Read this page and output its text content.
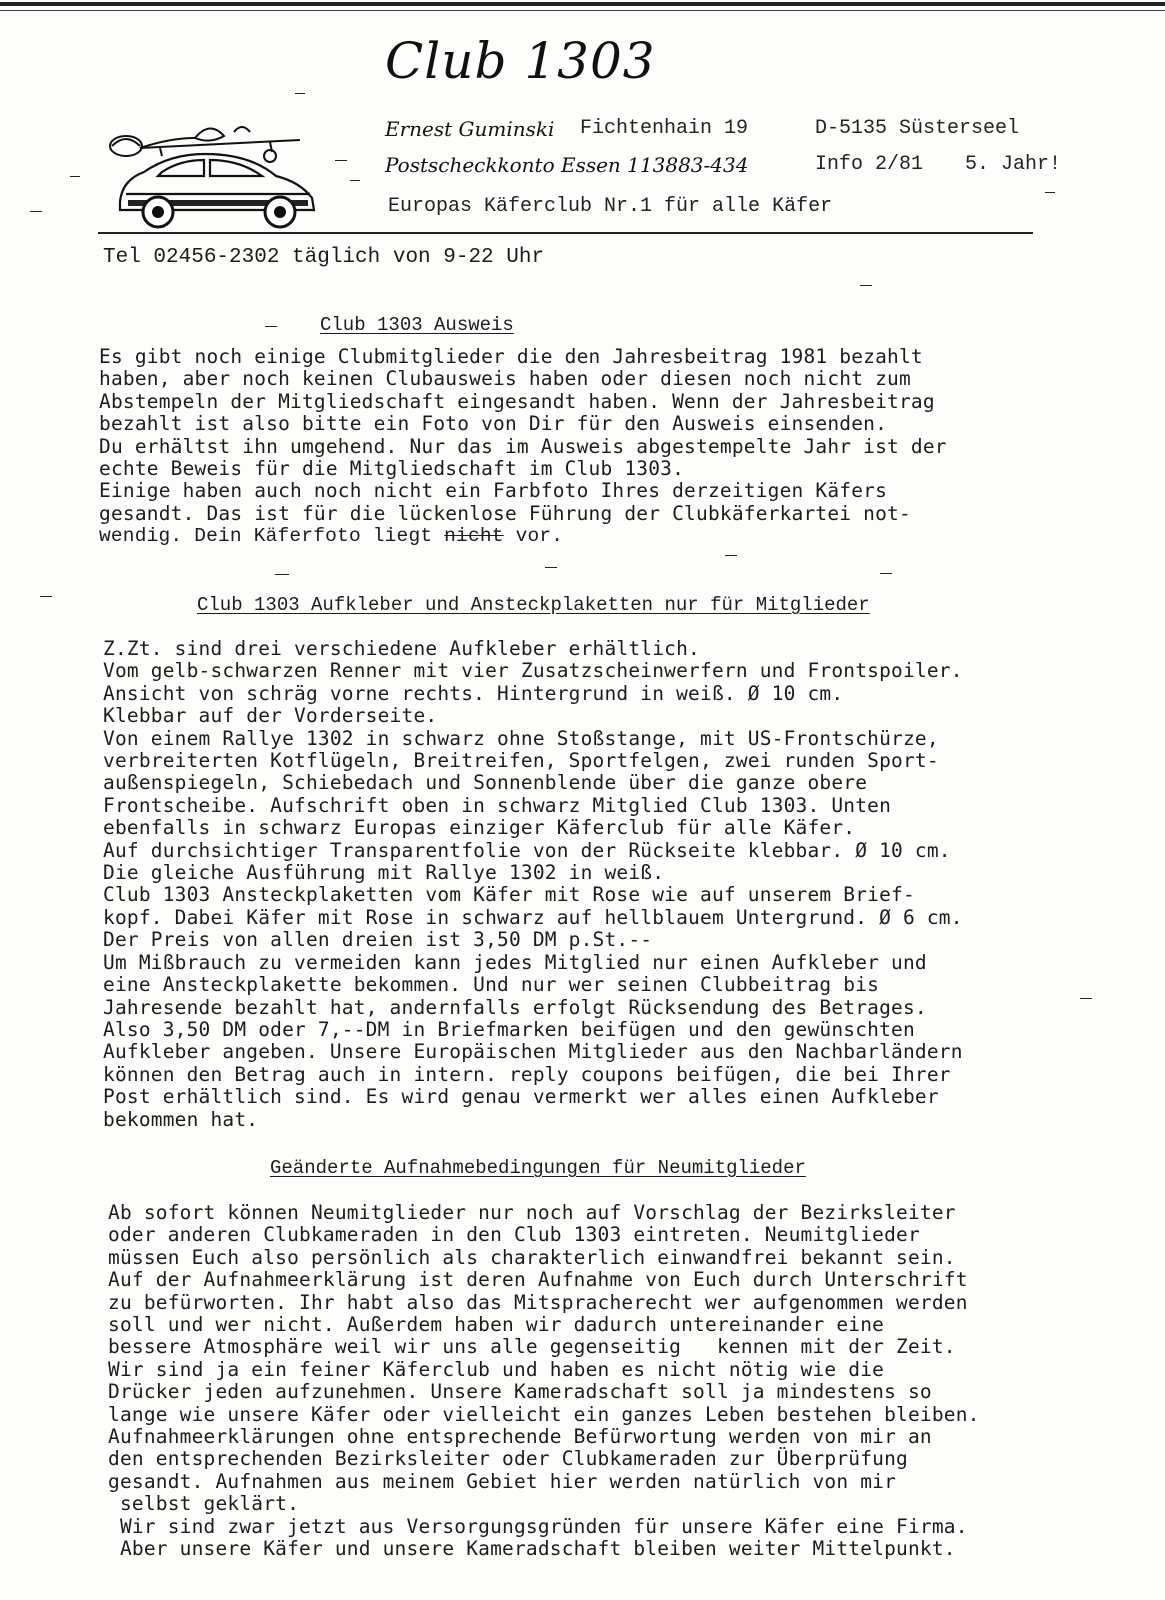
Club 1303
Ernest Guminski Fichtenhain 19	D-5135 Süsterseel
Postscheckkonto Essen 113883-434	Info 2/81 5. Jahr!
Europas Käferclub Nr.1 für alle Käfer
Tel 02456-2302 täglich von 9-22 Uhr
Club 1303 Ausweis
Es gibt noch einige Clubmitglieder die den Jahresbeitrag 1981 bezahlt
haben, aber noch keinen Clubausweis haben oder diesen noch nicht zum
Abstempeln der Mitgliedschaft eingesandt haben. Wenn der Jahresbeitrag
bezahlt ist also bitte ein Foto von Dir für den Ausweis einsenden.
Du erhältst ihn umgehend. Nur das im Ausweis abgestempelte Jahr ist der
echte Beweis für die Mitgliedschaft im Club 1303.
Einige haben auch noch nicht ein Farbfoto Ihres derzeitigen Käfers
gesandt. Das ist für die lückenlose Führung der Clubkäferkartei not-

wendig. Dein Käferfoto liegt nicht vor.
Club 1303 Aufkleber und Ansteckplaketten nur für Mitglieder
Z.Zt. sind drei verschiedene Aufkleber erhältlich.
Vom gelb-schwarzen Renner mit vier Zusatzscheinwerfern und Frontspoiler.
Ansicht von schräg vorne rechts. Hintergrund in weiß. Ø 10 cm.
Klebbar auf der Vorderseite.
Von einem Rallye 1302 in schwarz ohne Stoßstange, mit US-Frontschürze,
verbreiterten Kotflügeln, Breitreifen, Sportfelgen, zwei runden Sport-
außenspiegeln, Schiebedach und Sonnenblende über die ganze obere
Frontscheibe. Aufschrift oben in schwarz Mitglied Club 1303. Unten
ebenfalls in schwarz Europas einziger Käferclub für alle Käfer.
Auf durchsichtiger Transparentfolie von der Rückseite klebbar. Ø 10 cm.
Die gleiche Ausführung mit Rallye 1302 in weiß.
Club 1303 Ansteckplaketten vom Käfer mit Rose wie auf unserem Brief-
kopf. Dabei Käfer mit Rose in schwarz auf hellblauem Untergrund. Ø 6 cm.
Der Preis von allen dreien ist 3,50 DM p.St.--
Um Mißbrauch zu vermeiden kann jedes Mitglied nur einen Aufkleber und
eine Ansteckplakette bekommen. Und nur wer seinen Clubbeitrag bis
Jahresende bezahlt hat, andernfalls erfolgt Rücksendung des Betrages.
Also 3,50 DM oder 7,--DM in Briefmarken beifügen und den gewünschten
Aufkleber angeben. Unsere Europäischen Mitglieder aus den Nachbarländern
können den Betrag auch in intern. reply coupons beifügen, die bei Ihrer
Post erhältlich sind. Es wird genau vermerkt wer alles einen Aufkleber
bekommen hat.
Geänderte Aufnahmebedingungen für Neumitglieder
Ab sofort können Neumitglieder nur noch auf Vorschlag der Bezirksleiter
oder anderen Clubkameraden in den Club 1303 eintreten. Neumitglieder
müssen Euch also persönlich als charakterlich einwandfrei bekannt sein.
Auf der Aufnahmeerklärung ist deren Aufnahme von Euch durch Unterschrift
zu befürworten. Ihr habt also das Mitspracherecht wer aufgenommen werden
soll und wer nicht. Außerdem haben wir dadurch untereinander eine
bessere Atmosphäre weil wir uns alle gegenseitig   kennen mit der Zeit.
Wir sind ja ein feiner Käferclub und haben es nicht nötig wie die
Drücker jeden aufzunehmen. Unsere Kameradschaft soll ja mindestens so
lange wie unsere Käfer oder vielleicht ein ganzes Leben bestehen bleiben.
Aufnahmeerklärungen ohne entsprechende Befürwortung werden von mir an
den entsprechenden Bezirksleiter oder Clubkameraden zur Überprüfung
gesandt. Aufnahmen aus meinem Gebiet hier werden natürlich von mir
selbst geklärt.
Wir sind zwar jetzt aus Versorgungsgründen für unsere Käfer eine Firma.
Aber unsere Käfer und unsere Kameradschaft bleiben weiter Mittelpunkt.
